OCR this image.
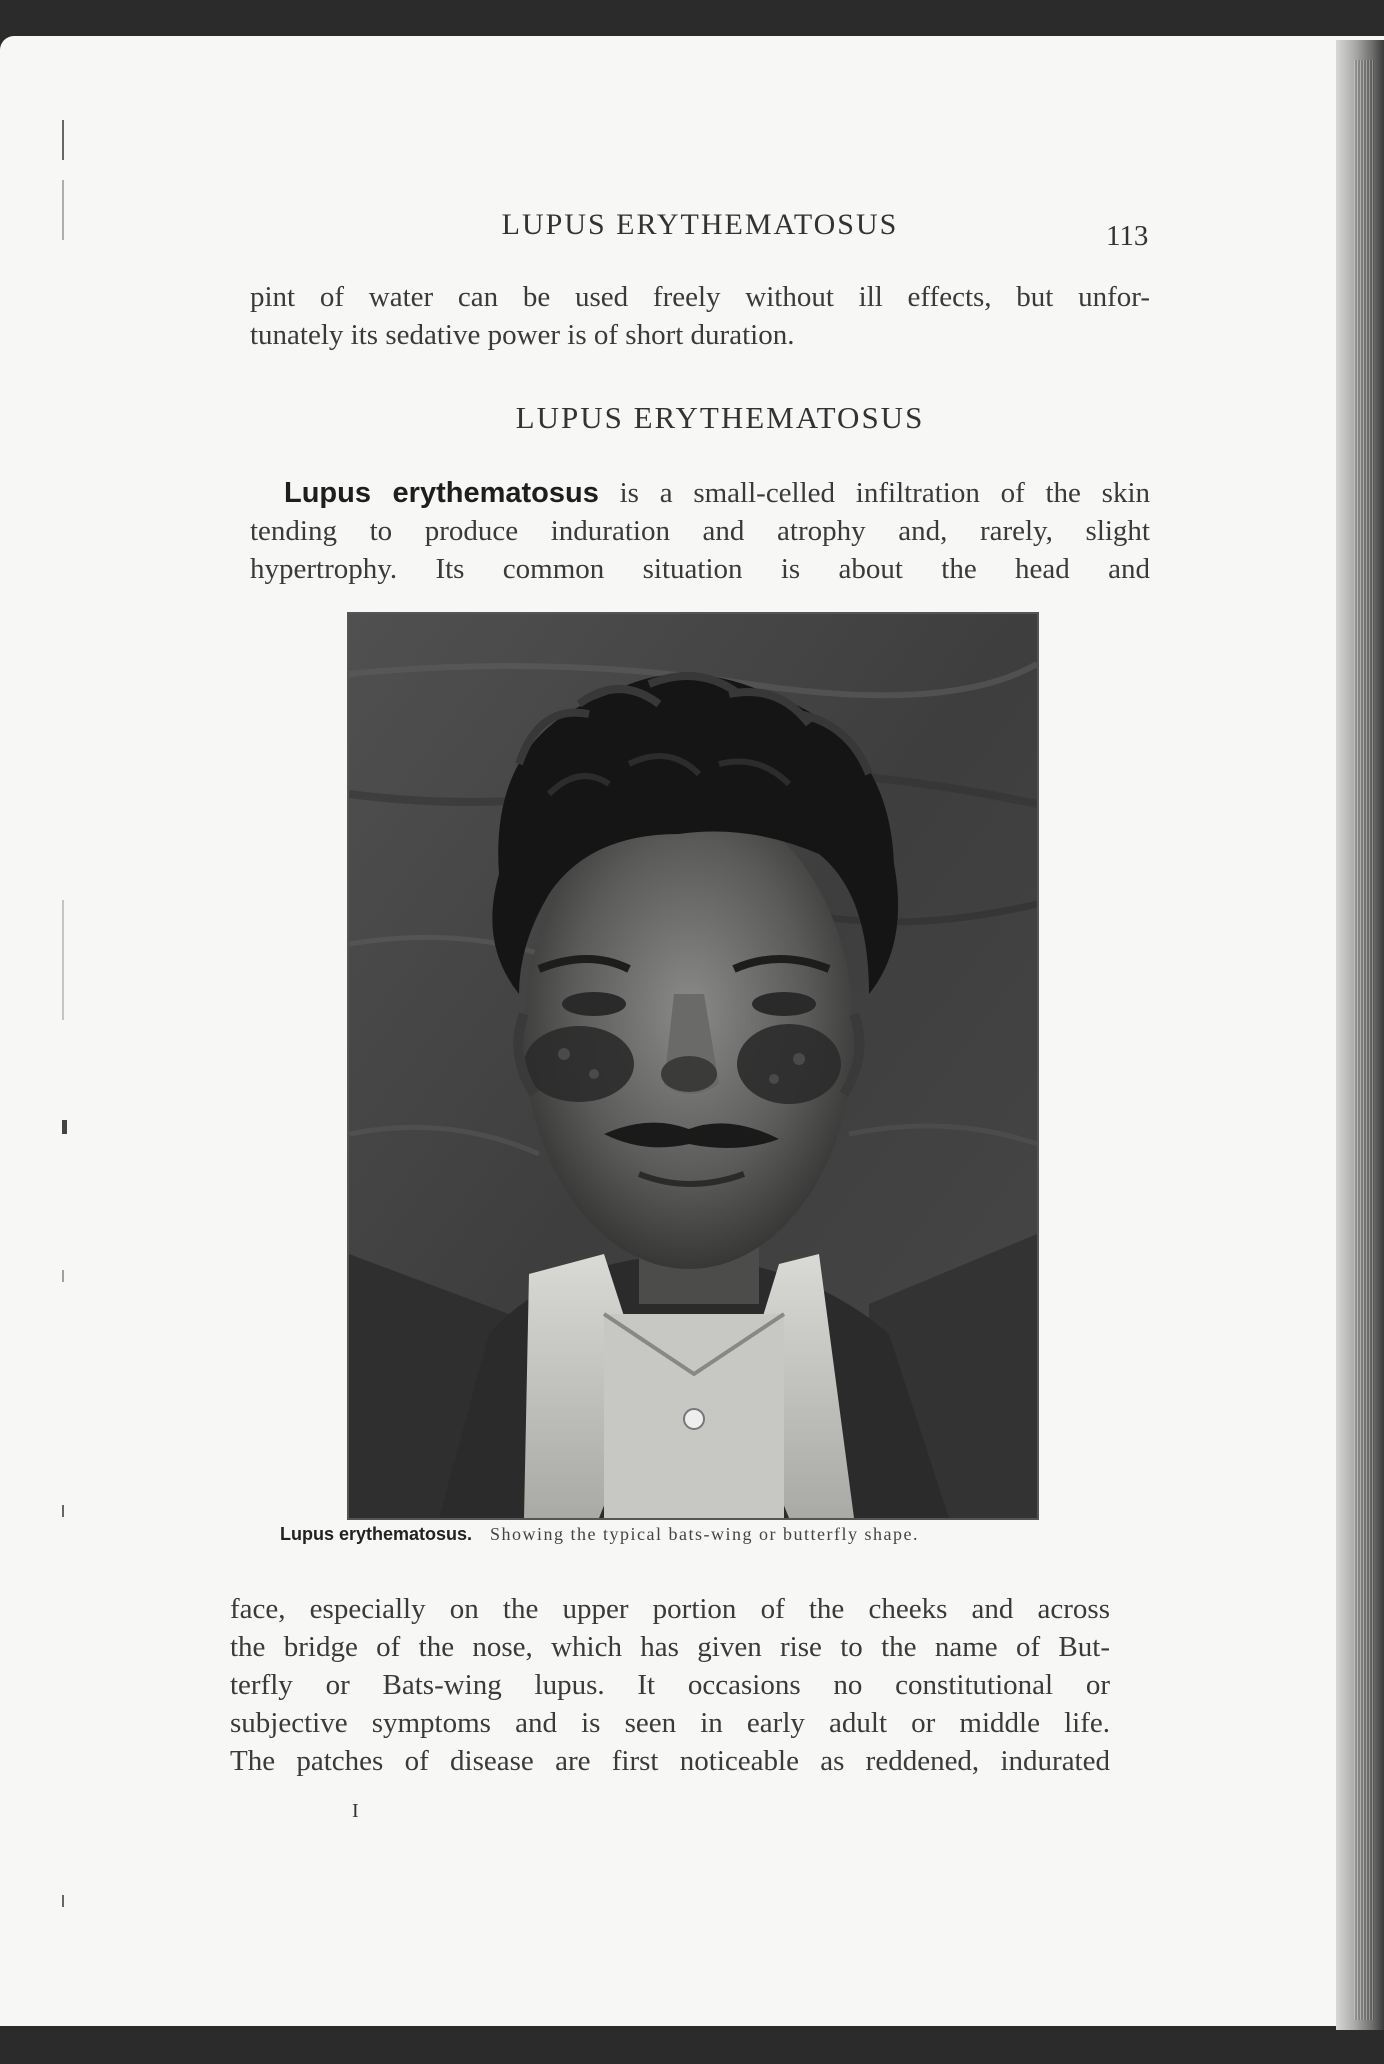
LUPUS ERYTHEMATOSUS	113
pint of water can be used freely without ill effects, but unfor-
tunately its sedative power is of short duration.
LUPUS ERYTHEMATOSUS
Lupus erythematosus is a small-celled infiltration of the skin
tending to produce induration and atrophy and, rarely, slight
hypertrophy. Its common situation is about the head and
Lupus erythematosus. Showing the typical bats-wing or butterfly shape.
face, especially on the upper portion of the cheeks and across
the bridge of the nose, which has given rise to the name of But-
terfly or Bats-wing lupus. It occasions no constitutional or
subjective symptoms and is seen in early adult or middle life.
The patches of disease are first noticeable as reddened, indurated
I
